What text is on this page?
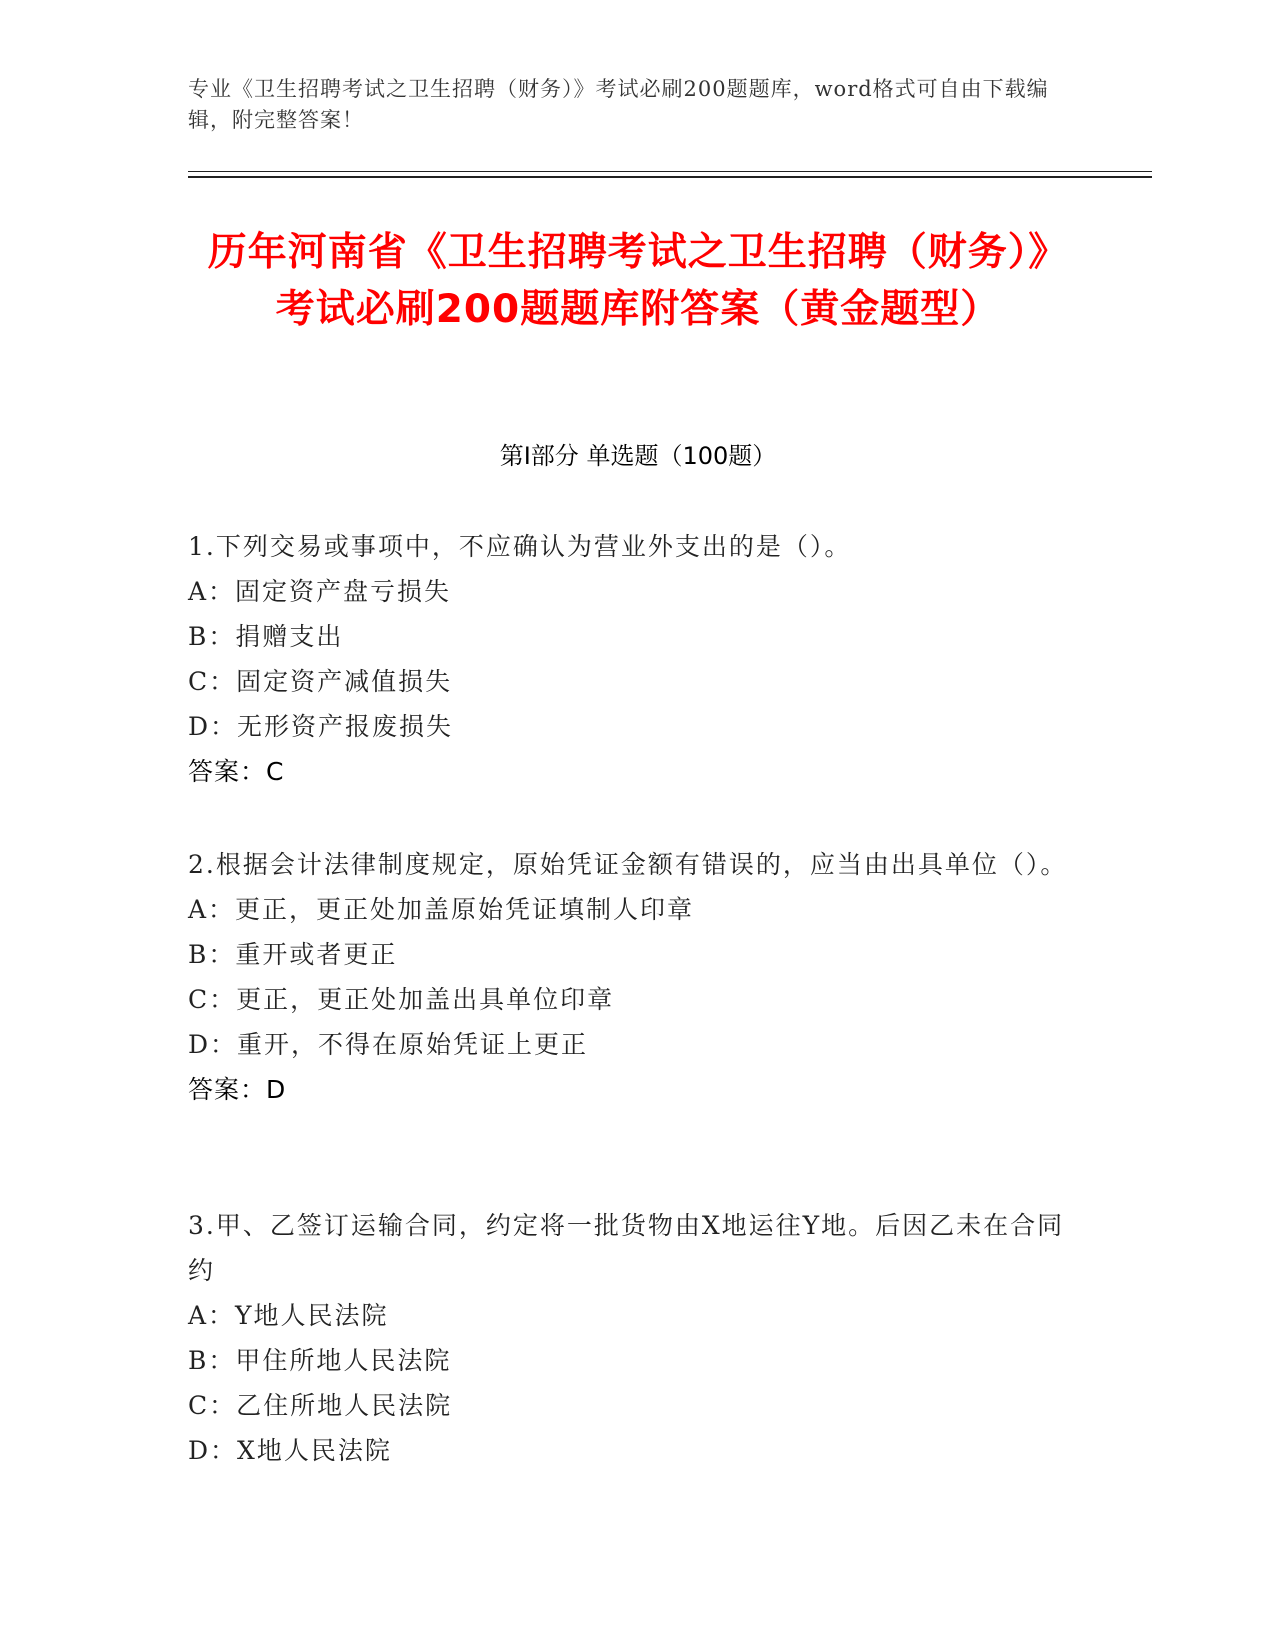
专业《卫生招聘考试之卫生招聘（财务）》考试必刷200题题库，word格式可自由下载编辑，附完整答案！
历年河南省《卫生招聘考试之卫生招聘（财务）》考试必刷200题题库附答案（黄金题型）
第I部分 单选题（100题）
1.下列交易或事项中，不应确认为营业外支出的是（）。
A：固定资产盘亏损失
B：捐赠支出
C：固定资产减值损失
D：无形资产报废损失
答案：C
2.根据会计法律制度规定，原始凭证金额有错误的，应当由出具单位（）。
A：更正，更正处加盖原始凭证填制人印章
B：重开或者更正
C：更正，更正处加盖出具单位印章
D：重开，不得在原始凭证上更正
答案：D
3.甲、乙签订运输合同，约定将一批货物由X地运往Y地。后因乙未在合同约
A：Y地人民法院
B：甲住所地人民法院
C：乙住所地人民法院
D：X地人民法院
